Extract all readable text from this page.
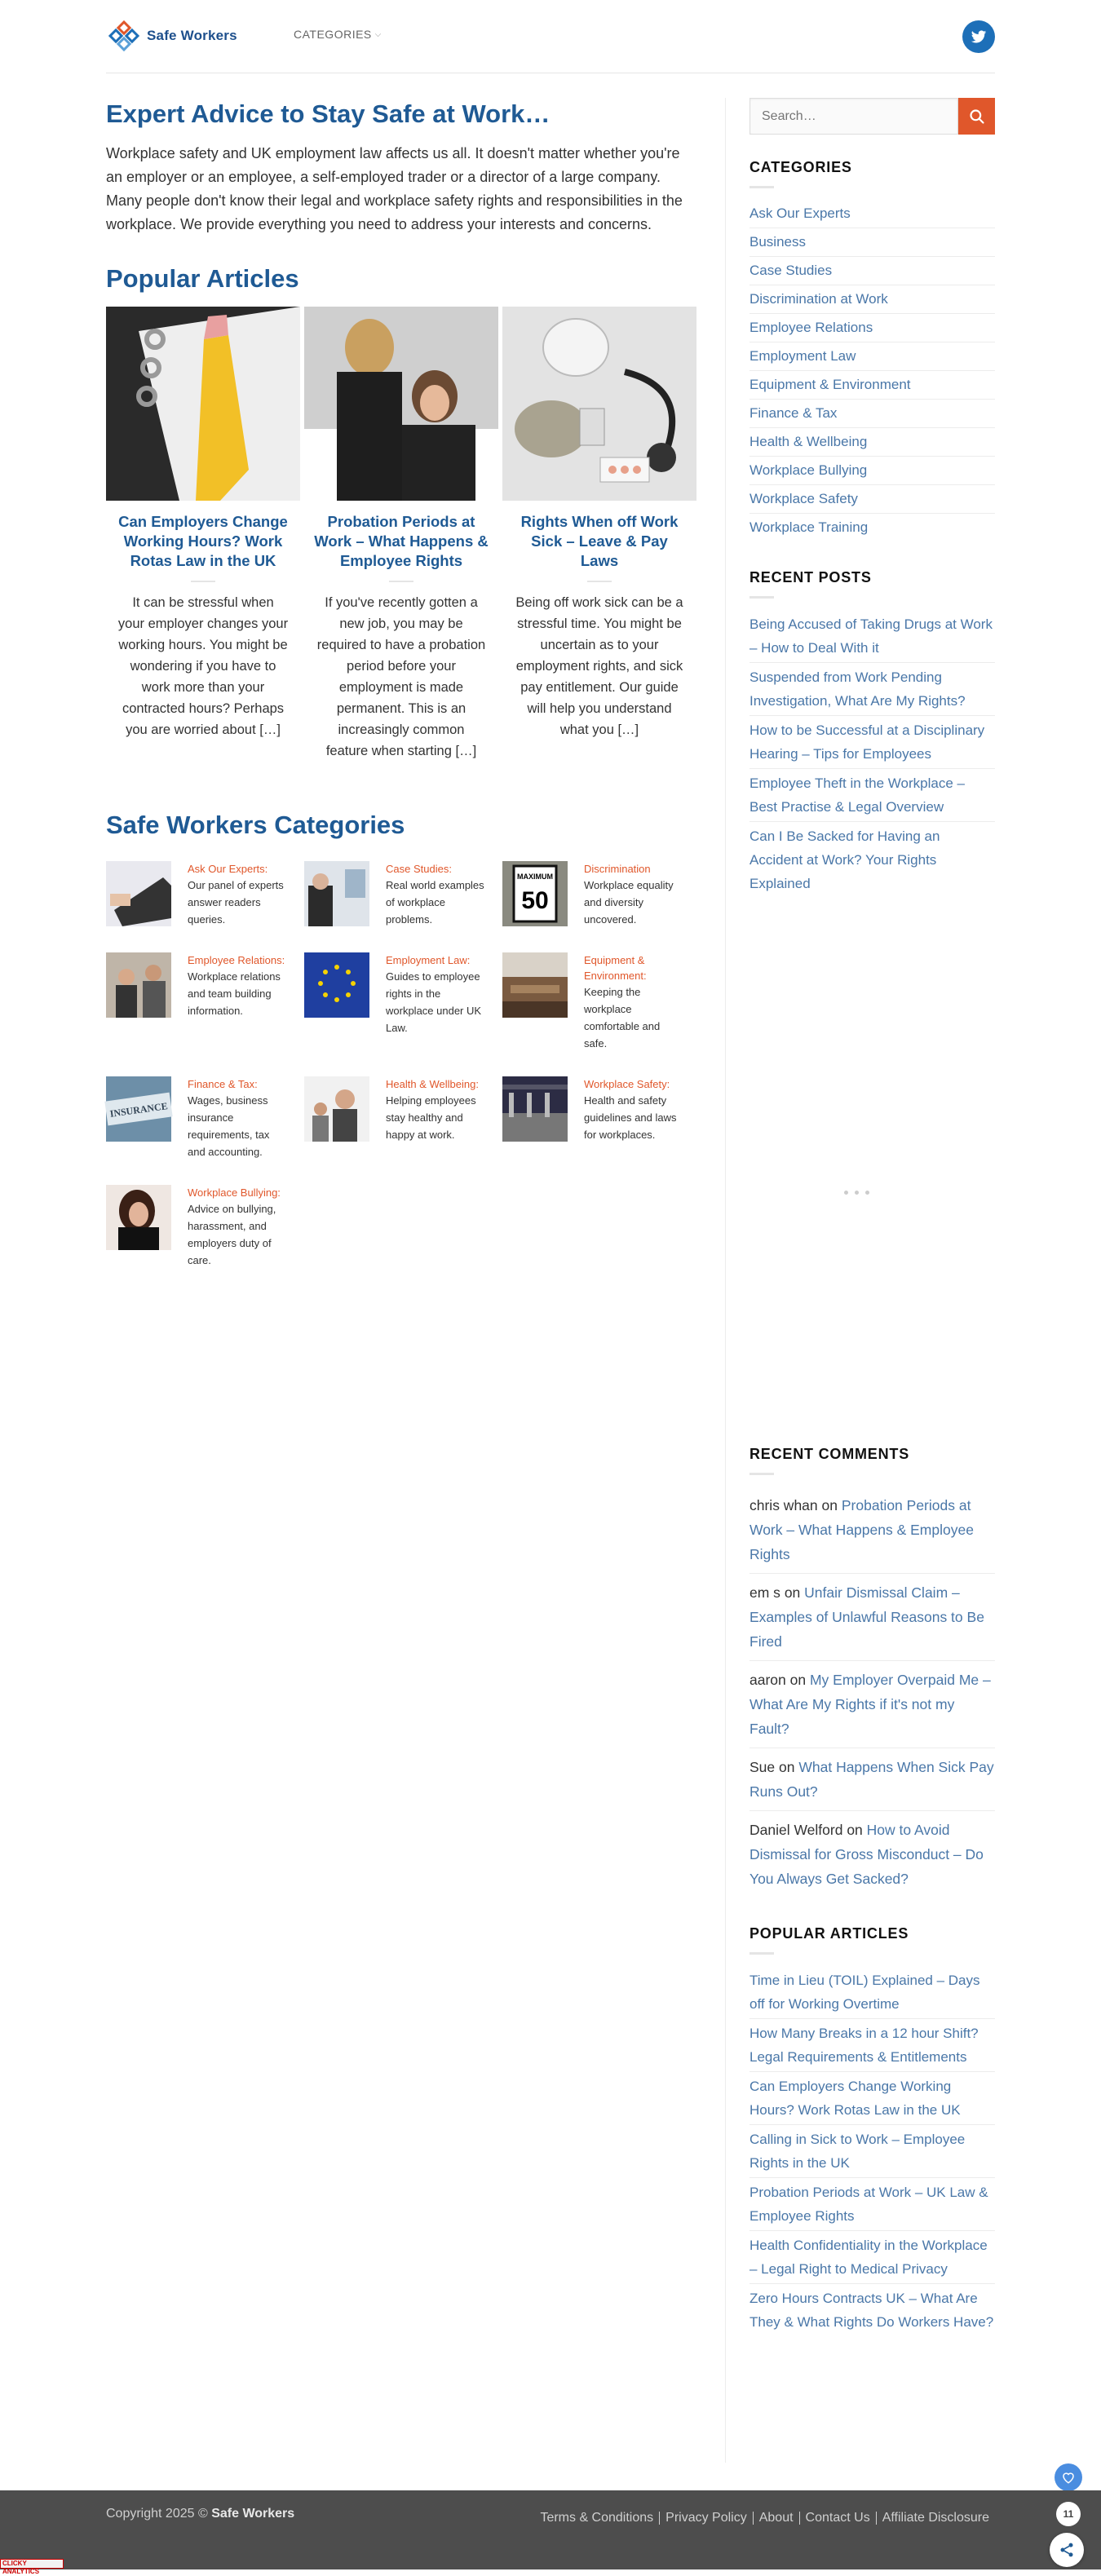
Safe Workers	CATEGORIES ⌵
Expert Advice to Stay Safe at Work…

Workplace safety and UK employment law affects us all. It doesn't matter whether you're an employer or an employee, a self-employed trader or a director of a large company. Many people don't know their legal and workplace safety rights and responsibilities in the workplace. We provide everything you need to address your interests and concerns.

Popular Articles
Can Employers Change Working Hours? Work Rotas Law in the UK
It can be stressful when your employer changes your working hours. You might be wondering if you have to work more than your contracted hours? Perhaps you are worried about […]
Probation Periods at Work – What Happens & Employee Rights
If you've recently gotten a new job, you may be required to have a probation period before your employment is made permanent. This is an increasingly common feature when starting […]
Rights When off Work Sick – Leave & Pay Laws
Being off work sick can be a stressful time. You might be uncertain as to your employment rights, and sick pay entitlement. Our guide will help you understand what you […]
Safe Workers Categories
Ask Our Experts:
Our panel of experts answer readers queries.
Case Studies:
Real world examples of workplace problems.
MAXIMUM
50
Discrimination
Workplace equality and diversity uncovered.
Employee Relations:
Workplace relations and team building information.
Employment Law:
Guides to employee rights in the workplace under UK Law.
Equipment & Environment:
Keeping the workplace comfortable and safe.
INSURANCE
Finance & Tax:
Wages, business insurance requirements, tax and accounting.
Health & Wellbeing:
Helping employees stay healthy and happy at work.
Workplace Safety:
Health and safety guidelines and laws for workplaces.
Workplace Bullying:
Advice on bullying, harassment, and employers duty of care.
Search…
CATEGORIES
Ask Our Experts
Business
Case Studies
Discrimination at Work
Employee Relations
Employment Law
Equipment & Environment
Finance & Tax
Health & Wellbeing
Workplace Bullying
Workplace Safety
Workplace Training
RECENT POSTS
Being Accused of Taking Drugs at Work – How to Deal With it
Suspended from Work Pending Investigation, What Are My Rights?
How to be Successful at a Disciplinary Hearing – Tips for Employees
Employee Theft in the Workplace – Best Practise & Legal Overview
Can I Be Sacked for Having an Accident at Work? Your Rights Explained
RECENT COMMENTS
chris whan on Probation Periods at Work – What Happens & Employee Rights
em s on Unfair Dismissal Claim – Examples of Unlawful Reasons to Be Fired
aaron on My Employer Overpaid Me – What Are My Rights if it's not my Fault?
Sue on What Happens When Sick Pay Runs Out?
Daniel Welford on How to Avoid Dismissal for Gross Misconduct – Do You Always Get Sacked?
POPULAR ARTICLES
Time in Lieu (TOIL) Explained – Days off for Working Overtime
How Many Breaks in a 12 hour Shift? Legal Requirements & Entitlements
Can Employers Change Working Hours? Work Rotas Law in the UK
Calling in Sick to Work – Employee Rights in the UK
Probation Periods at Work – UK Law & Employee Rights
Health Confidentiality in the Workplace – Legal Right to Medical Privacy
Zero Hours Contracts UK – What Are They & What Rights Do Workers Have?
Copyright 2025 © Safe Workers	Terms & Conditions Privacy Policy About Contact Us Affiliate Disclosure	11
CLICKY ANALYTICS
